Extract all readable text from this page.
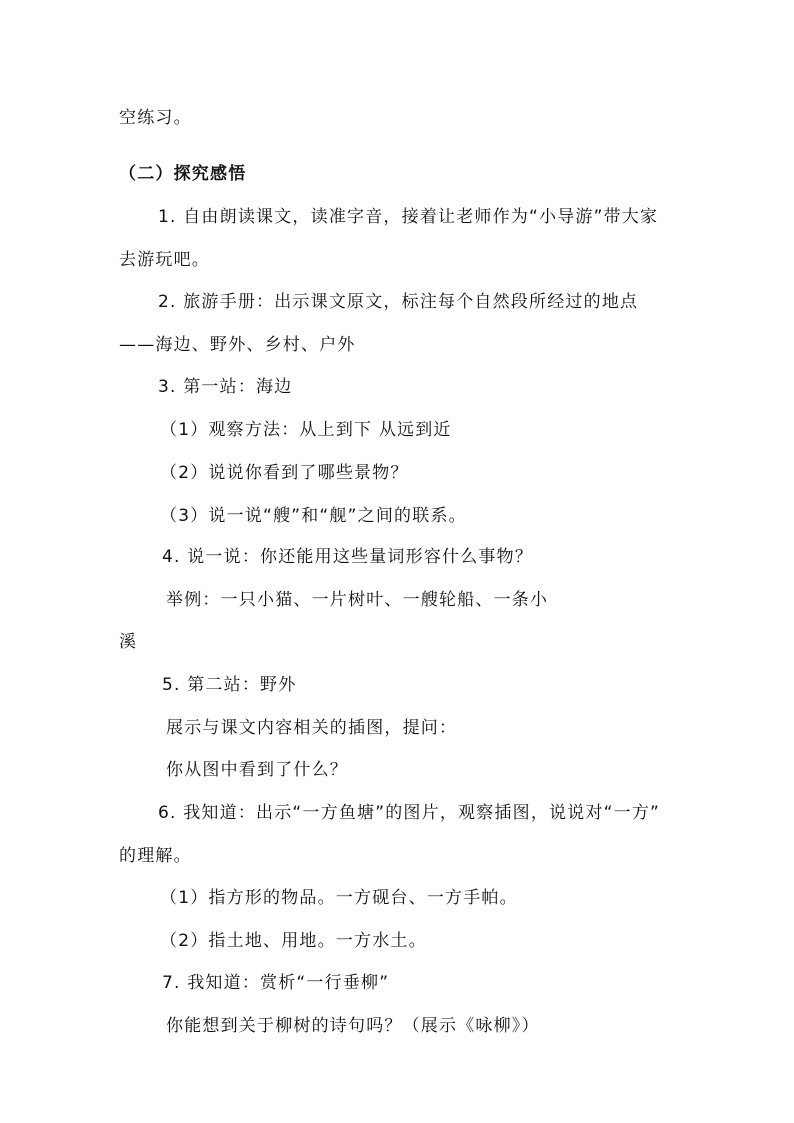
空练习。
（二）探究感悟
1. 自由朗读课文，读准字音，接着让老师作为“小导游”带大家
去游玩吧。
2. 旅游手册：出示课文原文，标注每个自然段所经过的地点
——海边、野外、乡村、户外
3. 第一站：海边
（1）观察方法：从上到下 从远到近
（2）说说你看到了哪些景物？
（3）说一说“艘”和“舰”之间的联系。
4. 说一说：你还能用这些量词形容什么事物？
举例：一只小猫、一片树叶、一艘轮船、一条小
溪
5. 第二站：野外
展示与课文内容相关的插图，提问：
你从图中看到了什么？
6. 我知道：出示“一方鱼塘”的图片，观察插图，说说对“一方”
的理解。
（1）指方形的物品。一方砚台、一方手帕。
（2）指土地、用地。一方水土。
7. 我知道：赏析“一行垂柳”
你能想到关于柳树的诗句吗？（展示《咏柳》）
